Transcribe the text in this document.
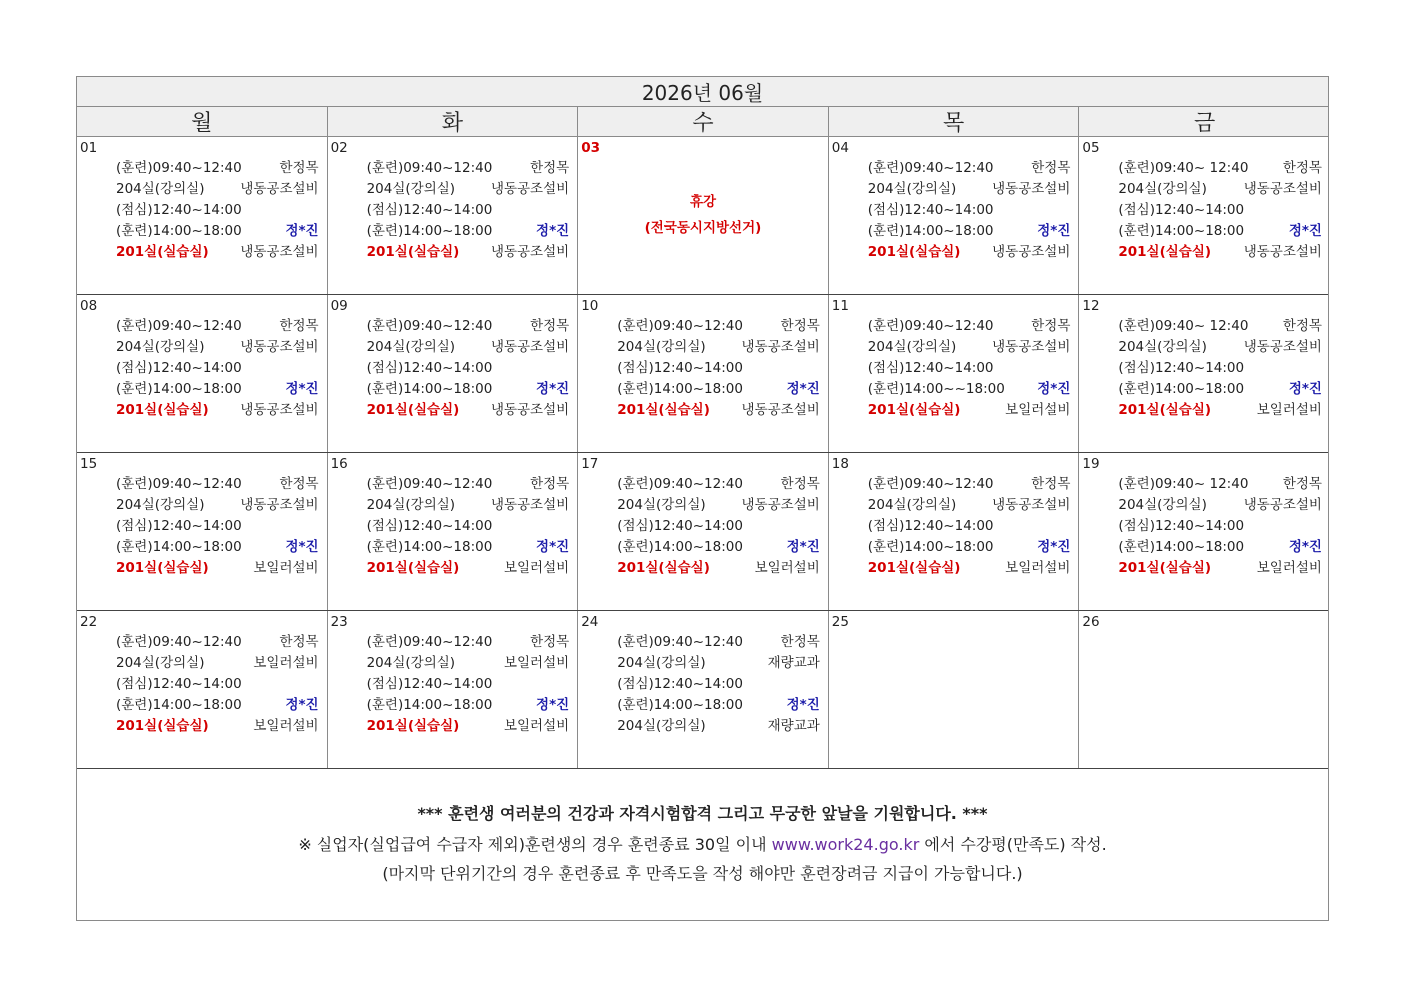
2026년 06월
월	화	수	목	금
01
(훈련)09:40~12:40	한정목
204실(강의실)	냉동공조설비
(점심)12:40~14:00
(훈련)14:00~18:00	정*진
201실(실습실) 냉동공조설비
02
(훈련)09:40~12:40	한정목
204실(강의실)	냉동공조설비
(점심)12:40~14:00
(훈련)14:00~18:00	정*진
201실(실습실) 냉동공조설비
03
휴강
(전국동시지방선거)
04
(훈련)09:40~12:40	한정목
204실(강의실)	냉동공조설비
(점심)12:40~14:00
(훈련)14:00~18:00	정*진
201실(실습실) 냉동공조설비
05
(훈련)09:40~ 12:40	한정목
204실(강의실)	냉동공조설비
(점심)12:40~14:00
(훈련)14:00~18:00	정*진
201실(실습실) 냉동공조설비
08
(훈련)09:40~12:40	한정목
204실(강의실)	냉동공조설비
(점심)12:40~14:00
(훈련)14:00~18:00	정*진
201실(실습실) 냉동공조설비
09
(훈련)09:40~12:40	한정목
204실(강의실)	냉동공조설비
(점심)12:40~14:00
(훈련)14:00~18:00	정*진
201실(실습실) 냉동공조설비
10
(훈련)09:40~12:40	한정목
204실(강의실)	냉동공조설비
(점심)12:40~14:00
(훈련)14:00~18:00	정*진
201실(실습실) 냉동공조설비
11
(훈련)09:40~12:40	한정목
204실(강의실)	냉동공조설비
(점심)12:40~14:00
(훈련)14:00~~18:00 정*진
201실(실습실)	보일러설비
12
(훈련)09:40~ 12:40	한정목
204실(강의실)	냉동공조설비
(점심)12:40~14:00
(훈련)14:00~18:00	정*진
201실(실습실)	보일러설비
15
(훈련)09:40~12:40	한정목
204실(강의실)	냉동공조설비
(점심)12:40~14:00
(훈련)14:00~18:00	정*진
201실(실습실)	보일러설비
16
(훈련)09:40~12:40	한정목
204실(강의실)	냉동공조설비
(점심)12:40~14:00
(훈련)14:00~18:00	정*진
201실(실습실)	보일러설비
17
(훈련)09:40~12:40	한정목
204실(강의실)	냉동공조설비
(점심)12:40~14:00
(훈련)14:00~18:00	정*진
201실(실습실)	보일러설비
18
(훈련)09:40~12:40	한정목
204실(강의실)	냉동공조설비
(점심)12:40~14:00
(훈련)14:00~18:00	정*진
201실(실습실)	보일러설비
19
(훈련)09:40~ 12:40	한정목
204실(강의실)	냉동공조설비
(점심)12:40~14:00
(훈련)14:00~18:00	정*진
201실(실습실)	보일러설비
22
(훈련)09:40~12:40	한정목
204실(강의실)	보일러설비
(점심)12:40~14:00
(훈련)14:00~18:00	정*진
201실(실습실)	보일러설비
23
(훈련)09:40~12:40	한정목
204실(강의실)	보일러설비
(점심)12:40~14:00
(훈련)14:00~18:00	정*진
201실(실습실)	보일러설비
24
(훈련)09:40~12:40	한정목
204실(강의실)	재량교과
(점심)12:40~14:00
(훈련)14:00~18:00	정*진
204실(강의실)	재량교과
25	26
*** 훈련생 여러분의 건강과 자격시험합격 그리고 무궁한 앞날을 기원합니다. ***
※ 실업자(실업급여 수급자 제외)훈련생의 경우 훈련종료 30일 이내 www.work24.go.kr 에서 수강평(만족도) 작성.
(마지막 단위기간의 경우 훈련종료 후 만족도을 작성 해야만 훈련장려금 지급이 가능합니다.)
